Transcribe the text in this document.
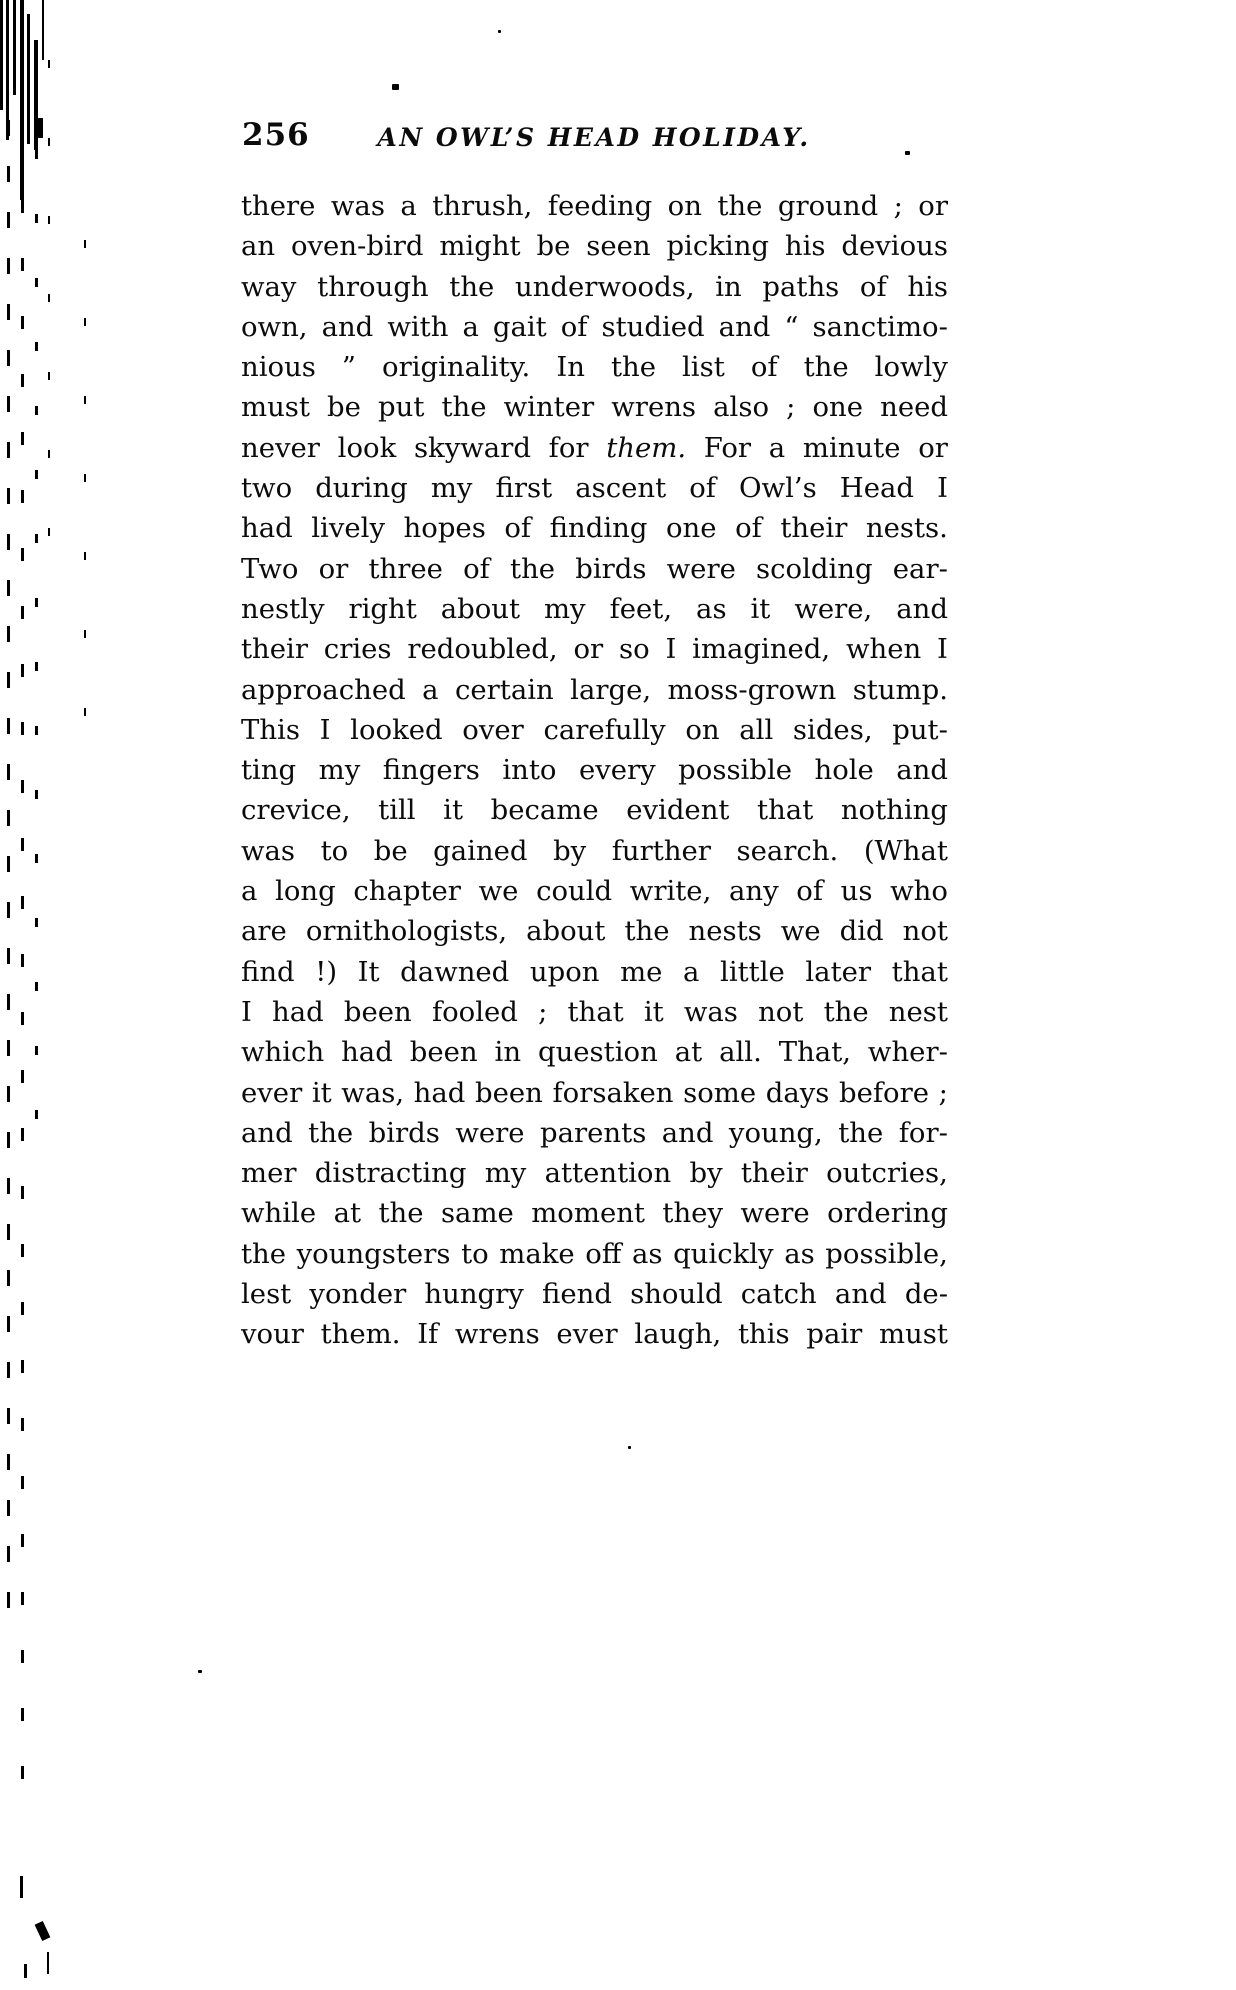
256	AN OWL’S HEAD HOLIDAY.
there was a thrush, feeding on the ground ; or
an oven-bird might be seen picking his devious
way through the underwoods, in paths of his
own, and with a gait of studied and “ sanctimo-
nious ” originality. In the list of the lowly
must be put the winter wrens also ; one need
never look skyward for them. For a minute or
two during my first ascent of Owl’s Head I
had lively hopes of finding one of their nests.
Two or three of the birds were scolding ear-
nestly right about my feet, as it were, and
their cries redoubled, or so I imagined, when I
approached a certain large, moss-grown stump.
This I looked over carefully on all sides, put-
ting my fingers into every possible hole and
crevice, till it became evident that nothing
was to be gained by further search. (What
a long chapter we could write, any of us who
are ornithologists, about the nests we did not
find !) It dawned upon me a little later that
I had been fooled ; that it was not the nest
which had been in question at all. That, wher-
ever it was, had been forsaken some days before ;
and the birds were parents and young, the for-
mer distracting my attention by their outcries,
while at the same moment they were ordering
the youngsters to make off as quickly as possible,
lest yonder hungry fiend should catch and de-
vour them. If wrens ever laugh, this pair must
